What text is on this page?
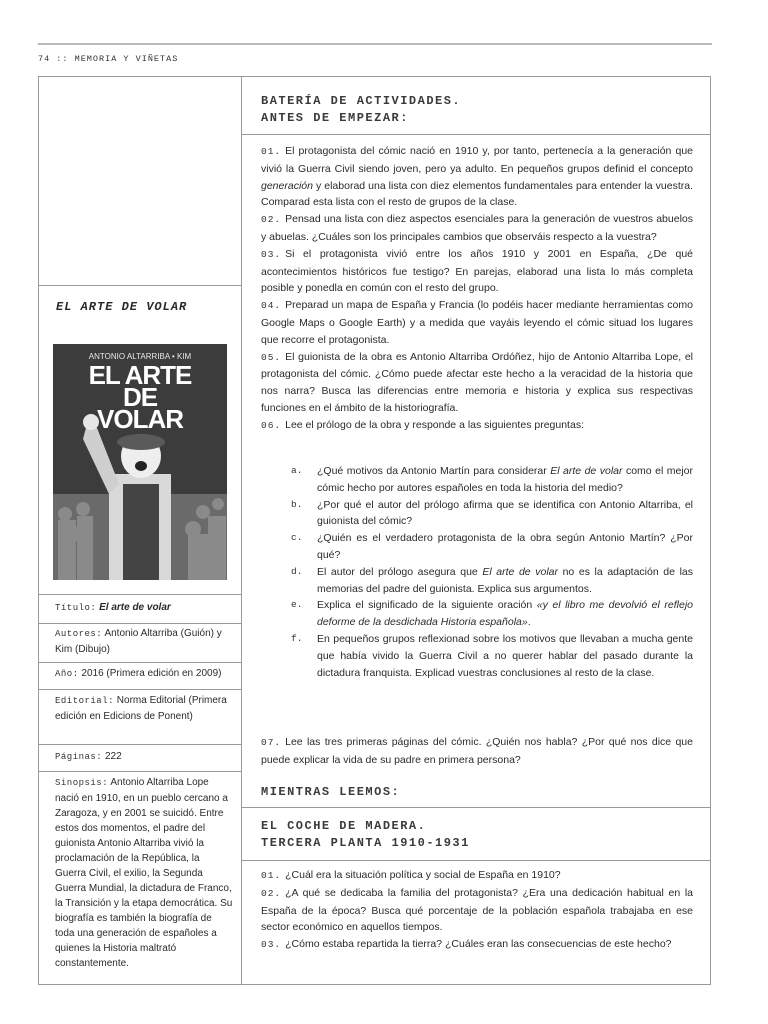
74 :: MEMORIA Y VIÑETAS
EL ARTE DE VOLAR
ANTONIO ALTARRIBA • KIM
EL ARTE
DE
VOLAR
Título: El arte de volar
Autores: Antonio Altarriba (Guión) y Kim (Dibujo)
Año: 2016 (Primera edición en 2009)
Editorial: Norma Editorial (Primera edición en Edicions de Ponent)
Páginas: 222
Sinopsis: Antonio Altarriba Lope nació en 1910, en un pueblo cercano a Zaragoza, y en 2001 se suicidó. Entre estos dos momentos, el padre del guionista Antonio Altarriba vivió la proclamación de la República, la Guerra Civil, el exilio, la Segunda Guerra Mundial, la dictadura de Franco, la Transición y la etapa democrática. Su biografía es también la biografía de toda una generación de españoles a quienes la Historia maltrató constantemente.
BATERÍA DE ACTIVIDADES.
ANTES DE EMPEZAR:

01. El protagonista del cómic nació en 1910 y, por tanto, pertenecía a la generación que vivió la Guerra Civil siendo joven, pero ya adulto. En pequeños grupos definid el concepto generación y elaborad una lista con diez elementos fundamentales para entender la vuestra. Comparad esta lista con el resto de grupos de la clase.

02. Pensad una lista con diez aspectos esenciales para la generación de vuestros abuelos y abuelas. ¿Cuáles son los principales cambios que observáis respecto a la vuestra?

03. Si el protagonista vivió entre los años 1910 y 2001 en España, ¿De qué acontecimientos históricos fue testigo? En parejas, elaborad una lista lo más completa posible y ponedla en común con el resto del grupo.

04. Preparad un mapa de España y Francia (lo podéis hacer mediante herramientas como Google Maps o Google Earth) y a medida que vayáis leyendo el cómic situad los lugares que recorre el protagonista.

05. El guionista de la obra es Antonio Altarriba Ordóñez, hijo de Antonio Altarriba Lope, el protagonista del cómic. ¿Cómo puede afectar este hecho a la veracidad de la historia que nos narra? Busca las diferencias entre memoria e historia y explica sus respectivas funciones en el ámbito de la historiografía.

06. Lee el prólogo de la obra y responde a las siguientes preguntas:

a. ¿Qué motivos da Antonio Martín para considerar El arte de volar como el mejor cómic hecho por autores españoles en toda la historia del medio?

b. ¿Por qué el autor del prólogo afirma que se identifica con Antonio Altarriba, el guionista del cómic?

c. ¿Quién es el verdadero protagonista de la obra según Antonio Martín? ¿Por qué?

d. El autor del prólogo asegura que El arte de volar no es la adaptación de las memorias del padre del guionista. Explica sus argumentos.

e. Explica el significado de la siguiente oración «y el libro me devolvió el reflejo deforme de la desdichada Historia española».

f. En pequeños grupos reflexionad sobre los motivos que llevaban a mucha gente que había vivido la Guerra Civil a no querer hablar del pasado durante la dictadura franquista. Explicad vuestras conclusiones al resto de la clase.

07. Lee las tres primeras páginas del cómic. ¿Quién nos habla? ¿Por qué nos dice que puede explicar la vida de su padre en primera persona?

MIENTRAS LEEMOS:
EL COCHE DE MADERA.
TERCERA PLANTA 1910-1931

01. ¿Cuál era la situación política y social de España en 1910?

02. ¿A qué se dedicaba la familia del protagonista? ¿Era una dedicación habitual en la España de la época? Busca qué porcentaje de la población española trabajaba en ese sector económico en aquellos tiempos.

03. ¿Cómo estaba repartida la tierra? ¿Cuáles eran las consecuencias de este hecho?
